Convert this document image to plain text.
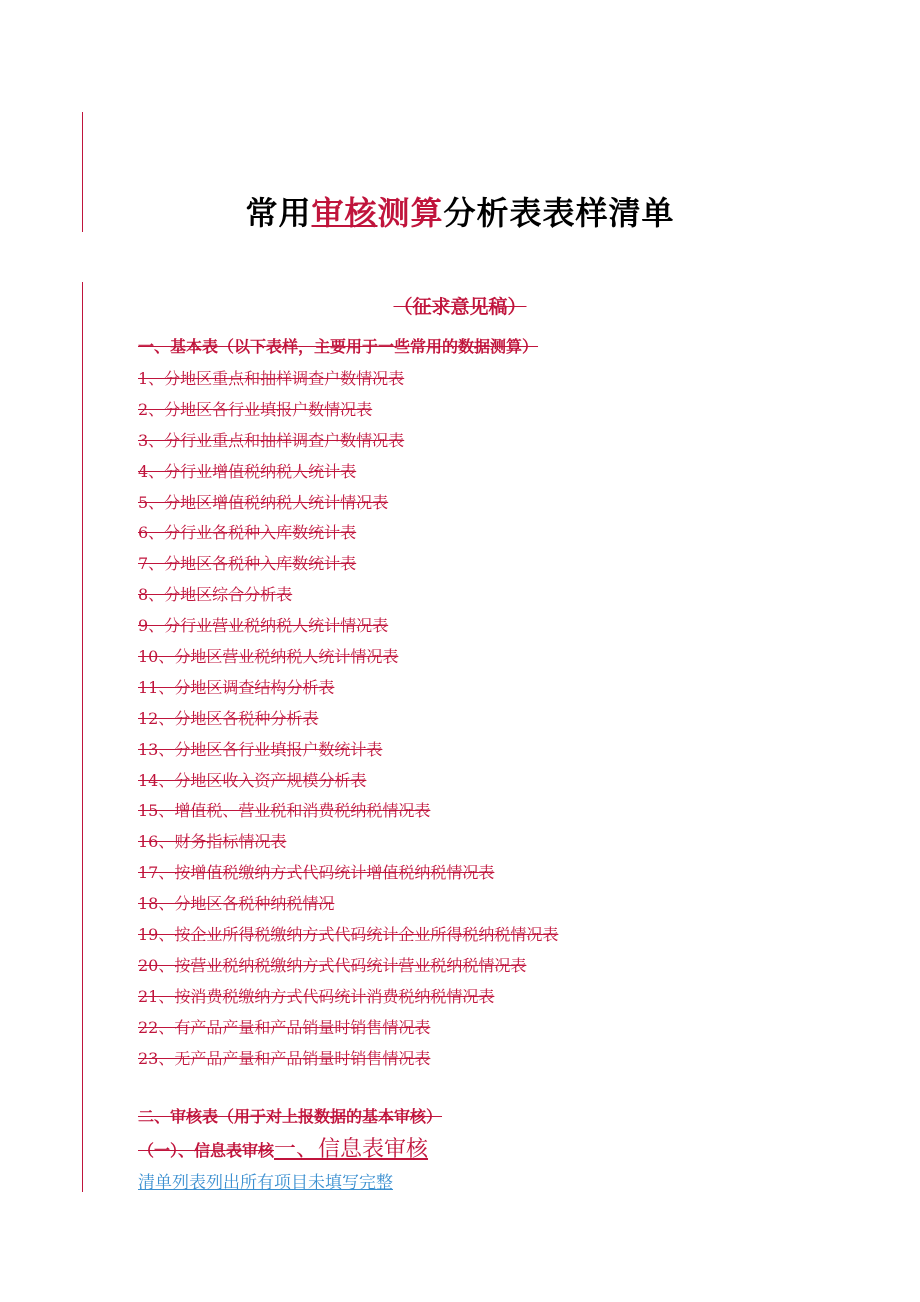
常用审核测算分析表表样清单
（征求意见稿）
一、基本表（以下表样，主要用于一些常用的数据测算）
1、分地区重点和抽样调查户数情况表
2、分地区各行业填报户数情况表
3、分行业重点和抽样调查户数情况表
4、分行业增值税纳税人统计表
5、分地区增值税纳税人统计情况表
6、分行业各税种入库数统计表
7、分地区各税种入库数统计表
8、分地区综合分析表
9、分行业营业税纳税人统计情况表
10、分地区营业税纳税人统计情况表
11、分地区调查结构分析表
12、分地区各税种分析表
13、分地区各行业填报户数统计表
14、分地区收入资产规模分析表
15、增值税、营业税和消费税纳税情况表
16、财务指标情况表
17、按增值税缴纳方式代码统计增值税纳税情况表
18、分地区各税种纳税情况
19、按企业所得税缴纳方式代码统计企业所得税纳税情况表
20、按营业税纳税缴纳方式代码统计营业税纳税情况表
21、按消费税缴纳方式代码统计消费税纳税情况表
22、有产品产量和产品销量时销售情况表
23、无产品产量和产品销量时销售情况表
二、审核表（用于对上报数据的基本审核）
（一）、信息表审核一、信息表审核
清单列表列出所有项目未填写完整
